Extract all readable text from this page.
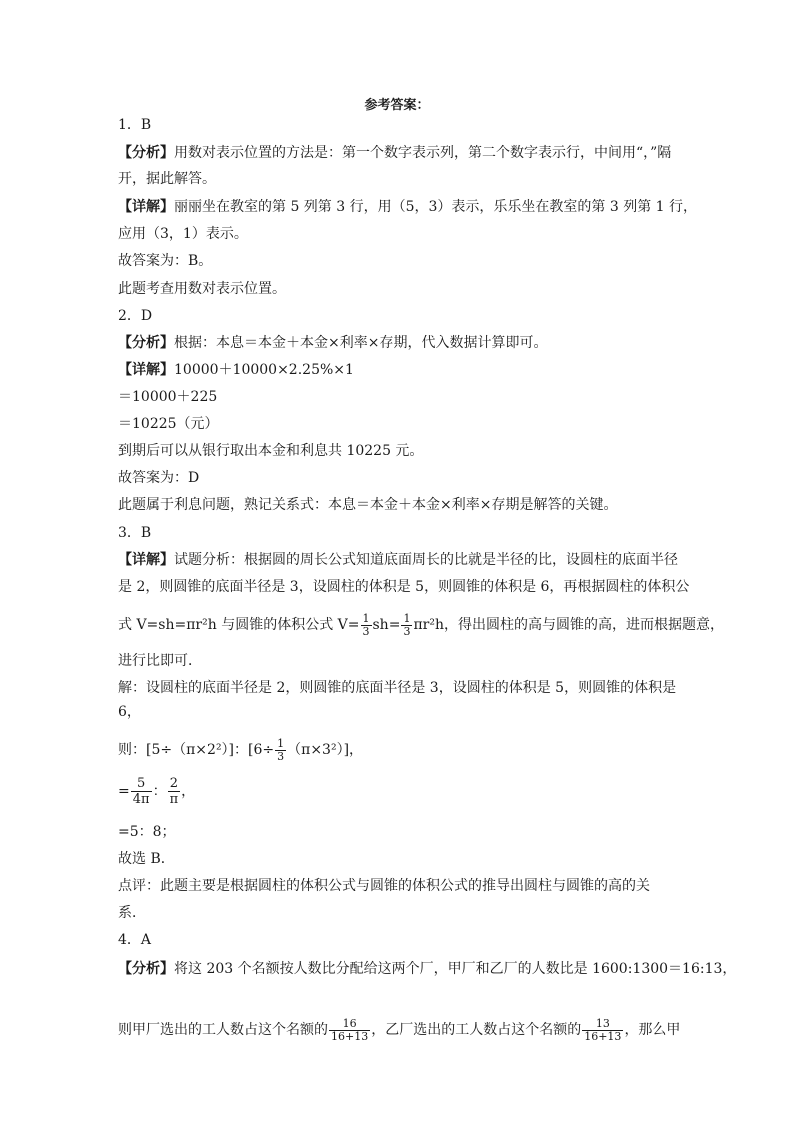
参考答案：
1．B
【分析】用数对表示位置的方法是：第一个数字表示列，第二个数字表示行，中间用“，”隔
开，据此解答。
【详解】丽丽坐在教室的第 5 列第 3 行，用（5，3）表示，乐乐坐在教室的第 3 列第 1 行，
应用（3，1）表示。
故答案为：B。
此题考查用数对表示位置。
2．D
【分析】根据：本息＝本金＋本金×利率×存期，代入数据计算即可。
【详解】10000＋10000×2.25%×1
＝10000＋225
＝10225（元）
到期后可以从银行取出本金和利息共 10225 元。
故答案为：D
此题属于利息问题，熟记关系式：本息＝本金＋本金×利率×存期是解答的关键。
3．B
【详解】试题分析：根据圆的周长公式知道底面周长的比就是半径的比，设圆柱的底面半径
是 2，则圆锥的底面半径是 3，设圆柱的体积是 5，则圆锥的体积是 6，再根据圆柱的体积公
式 V=sh=πr²h 与圆锥的体积公式 $V= \frac{1}{3} sh= \frac{1}{3} \pi r^2h$，得出圆柱的高与圆锥的高，进而根据题意，
进行比即可．
解：设圆柱的底面半径是 2，则圆锥的底面半径是 3，设圆柱的体积是 5，则圆锥的体积是
6，
则：[5÷（π×2²）]：$[6\div \frac{1}{3} (\pi\times 3^2)]$，
= $\frac{5}{4\pi}$ ： $\frac{2}{\pi}$ ，
=5：8；
故选 B．
点评：此题主要是根据圆柱的体积公式与圆锥的体积公式的推导出圆柱与圆锥的高的关
系．
4．A
【分析】将这 203 个名额按人数比分配给这两个厂，甲厂和乙厂的人数比是 1600:1300＝16:13，
则甲厂选出的工人数占这个名额的 $\frac{16}{16+13}$ ，乙厂选出的工人数占这个名额的 $\frac{13}{16+13}$ ，那么甲
